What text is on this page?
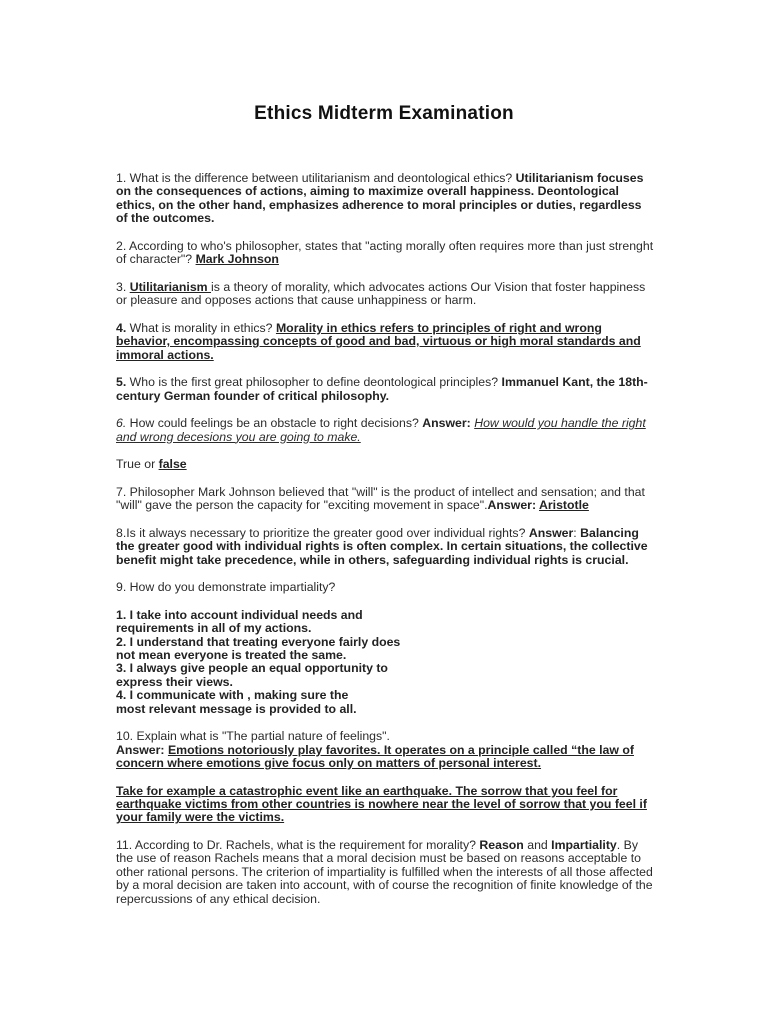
Ethics Midterm Examination

1. What is the difference between utilitarianism and deontological ethics? Utilitarianism focuses on the consequences of actions, aiming to maximize overall happiness. Deontological ethics, on the other hand, emphasizes adherence to moral principles or duties, regardless of the outcomes.

2. According to who's philosopher, states that "acting morally often requires more than just strenght of character"? Mark Johnson

3. Utilitarianism is a theory of morality, which advocates actions Our Vision that foster happiness or pleasure and opposes actions that cause unhappiness or harm.

4. What is morality in ethics? Morality in ethics refers to principles of right and wrong behavior, encompassing concepts of good and bad, virtuous or high moral standards and immoral actions.

5. Who is the first great philosopher to define deontological principles? Immanuel Kant, the 18th-century German founder of critical philosophy.

6. How could feelings be an obstacle to right decisions? Answer: How would you handle the right and wrong decesions you are going to make.

True or false

7. Philosopher Mark Johnson believed that "will" is the product of intellect and sensation; and that "will" gave the person the capacity for "exciting movement in space".Answer: Aristotle

8.Is it always necessary to prioritize the greater good over individual rights? Answer: Balancing the greater good with individual rights is often complex. In certain situations, the collective benefit might take precedence, while in others, safeguarding individual rights is crucial.

9. How do you demonstrate impartiality?

1. I take into account individual needs and
requirements in all of my actions.
2. I understand that treating everyone fairly does
not mean everyone is treated the same.
3. I always give people an equal opportunity to
express their views.
4. I communicate with , making sure the
most relevant message is provided to all.

10. Explain what is "The partial nature of feelings".
Answer: Emotions notoriously play favorites. It operates on a principle called “the law of concern where emotions give focus only on matters of personal interest.

Take for example a catastrophic event like an earthquake. The sorrow that you feel for earthquake victims from other countries is nowhere near the level of sorrow that you feel if your family were the victims.

11. According to Dr. Rachels, what is the requirement for morality? Reason and Impartiality. By the use of reason Rachels means that a moral decision must be based on reasons acceptable to other rational persons. The criterion of impartiality is fulfilled when the interests of all those affected by a moral decision are taken into account, with of course the recognition of finite knowledge of the repercussions of any ethical decision.
